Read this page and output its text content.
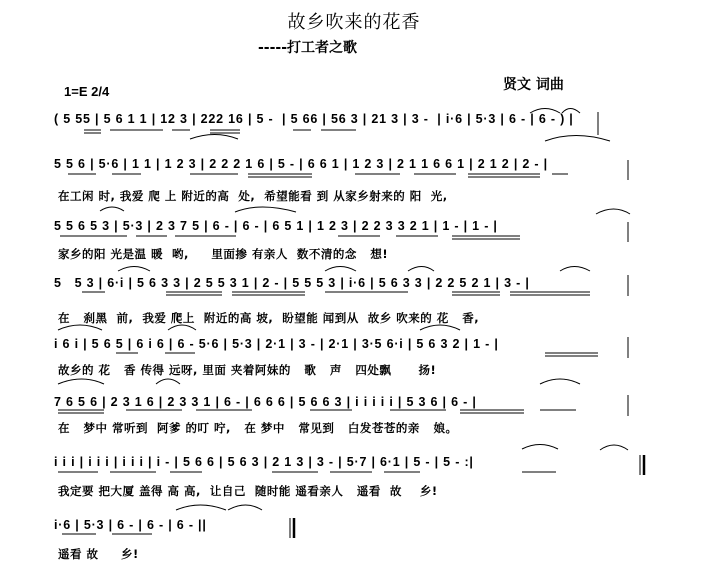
故乡吹来的花香
-----打工者之歌
贤文 词曲
1=E 2/4
( 5 55 | 5 6 1 1 | 12 3 | 222 16 | 5 -  | 5 66 | 56 3 | 21 3 | 3 -  | i·6 | 5·3 | 6 - | 6 - ) |
5 5 6 | 5·6 | 1 1 | 1 2 3 | 2 2 2 1 6 | 5 - | 6 6 1 | 1 2 3 | 2 1 1 6 6 1 | 2 1 2 | 2 - |
在工闲 时, 我爱 爬 上 附近的高  处,  希望能看 到 从家乡射来的 阳  光,
5 5 6 5 3 | 5·3 | 2 3 7 5 | 6 - | 6 - | 6 5 1 | 1 2 3 | 2 2 3 3 2 1 | 1 - | 1 - |
家乡的阳 光是温 暖  哟,     里面掺 有亲人  数不清的念   想!
5   5 3 | 6·i | 5 6 3 3 | 2 5 5 3 1 | 2 - | 5 5 5 3 | i·6 | 5 6 3 3 | 2 2 5 2 1 | 3 - |
在   刹黑  前,  我爱 爬上  附近的高 坡,  盼望能 闻到从  故乡 吹来的 花   香,
i 6 i | 5 6 5 | 6 i 6 | 6 - 5·6 | 5·3 | 2·1 | 3 - | 2·1 | 3·5 6·i | 5 6 3 2 | 1 - |
故乡的 花   香 传得 远呀, 里面 夹着阿妹的   歌   声   四处飘      扬!
7 6 5 6 | 2 3 1 6 | 2 3 3 1 | 6 - | 6 6 6 | 5 6 6 3 | i i i i i | 5 3 6 | 6 - |
在   梦中 常听到  阿爹 的叮 咛,   在 梦中   常见到   白发苍苍的亲   娘。
i i i | i i i | i i i | i - | 5 6 6 | 5 6 3 | 2 1 3 | 3 - | 5·7 | 6·1 | 5 - | 5 - :|
我定要 把大厦 盖得 高 高,  让自己  随时能 遥看亲人   遥看  故    乡!
i·6 | 5·3 | 6 - | 6 - | 6 - ||
遥看 故     乡!
